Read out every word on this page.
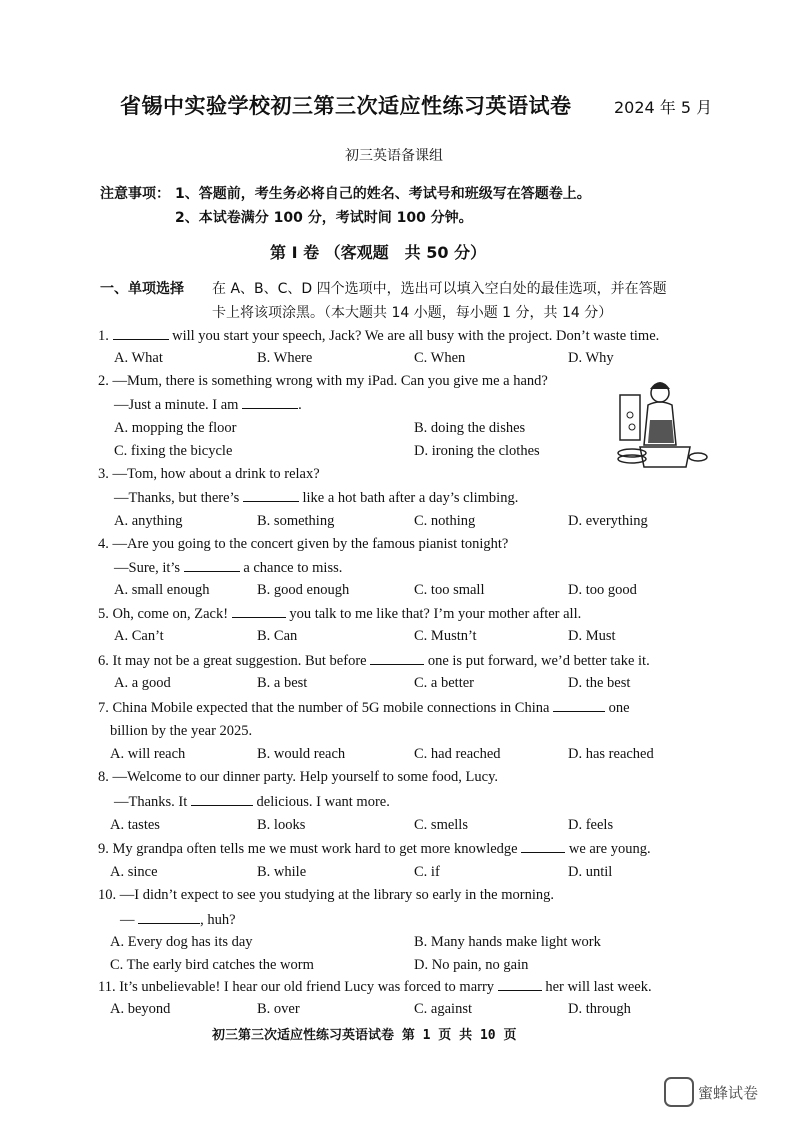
省锡中实验学校初三第三次适应性练习英语试卷	2024 年 5 月
初三英语备课组
注意事项： 1、答题前，考生务必将自己的姓名、考试号和班级写在答题卷上。
2、本试卷满分 100 分，考试时间 100 分钟。
第 I 卷 （客观题　共 50 分）
一、单项选择 在 A、B、C、D 四个选项中，选出可以填入空白处的最佳选项，并在答题
卡上将该项涂黑。（本大题共 14 小题，每小题 1 分，共 14 分）
1.	will you start your speech, Jack? We are all busy with the project. Don’t waste time.
A. What	B. Where	C. When	D. Why
2. —Mum, there is something wrong with my iPad. Can you give me a hand?
—Just a minute. I am	.
A. mopping the floor	B. doing the dishes
C. fixing the bicycle	D. ironing the clothes
3. —Tom, how about a drink to relax?
—Thanks, but there’s	like a hot bath after a day’s climbing.
A. anything	B. something	C. nothing	D. everything
4. —Are you going to the concert given by the famous pianist tonight?
—Sure, it’s	a chance to miss.
A. small enough	B. good enough	C. too small	D. too good
5. Oh, come on, Zack!	you talk to me like that? I’m your mother after all.
A. Can’t	B. Can	C. Mustn’t	D. Must
6. It may not be a great suggestion. But before	one is put forward, we’d better take it.
A. a good	B. a best	C. a better	D. the best
7. China Mobile expected that the number of 5G mobile connections in China	one
billion by the year 2025.
A. will reach	B. would reach	C. had reached	D. has reached
8. —Welcome to our dinner party. Help yourself to some food, Lucy.
—Thanks. It	delicious. I want more.
A. tastes	B. looks	C. smells	D. feels
9. My grandpa often tells me we must work hard to get more knowledge	we are young.
A. since	B. while	C. if	D. until
10. —I didn’t expect to see you studying at the library so early in the morning.
—	, huh?
A. Every dog has its day	B. Many hands make light work
C. The early bird catches the worm	D. No pain, no gain
11. It’s unbelievable! I hear our old friend Lucy was forced to marry	her will last week.
A. beyond	B. over	C. against	D. through
初三第三次适应性练习英语试卷 第 1 页 共 10 页
蜜蜂试卷
